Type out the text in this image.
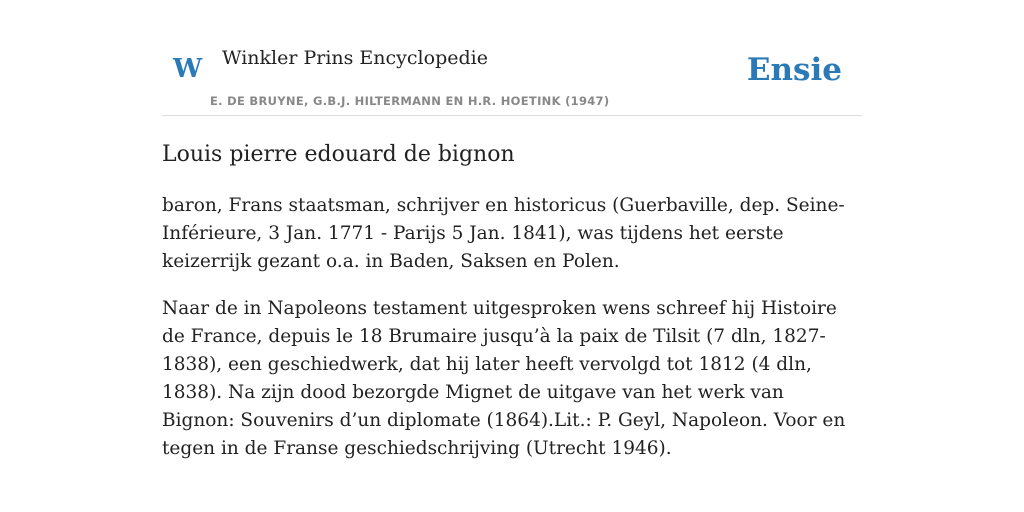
W Winkler Prins Encyclopedie
E. DE BRUYNE, G.B.J. HILTERMANN EN H.R. HOETINK (1947)
Ensie
Louis pierre edouard de bignon

baron, Frans staatsman, schrijver en historicus (Guerbaville, dep. Seine-Inférieure, 3 Jan. 1771 - Parijs 5 Jan. 1841), was tijdens het eerste keizerrijk gezant o.a. in Baden, Saksen en Polen.

Naar de in Napoleons testament uitgesproken wens schreef hij Histoire de France, depuis le 18 Brumaire jusqu’à la paix de Tilsit (7 dln, 1827-1838), een geschiedwerk, dat hij later heeft vervolgd tot 1812 (4 dln, 1838). Na zijn dood bezorgde Mignet de uitgave van het werk van Bignon: Souvenirs d’un diplomate (1864).Lit.: P. Geyl, Napoleon. Voor en tegen in de Franse geschiedschrijving (Utrecht 1946).
